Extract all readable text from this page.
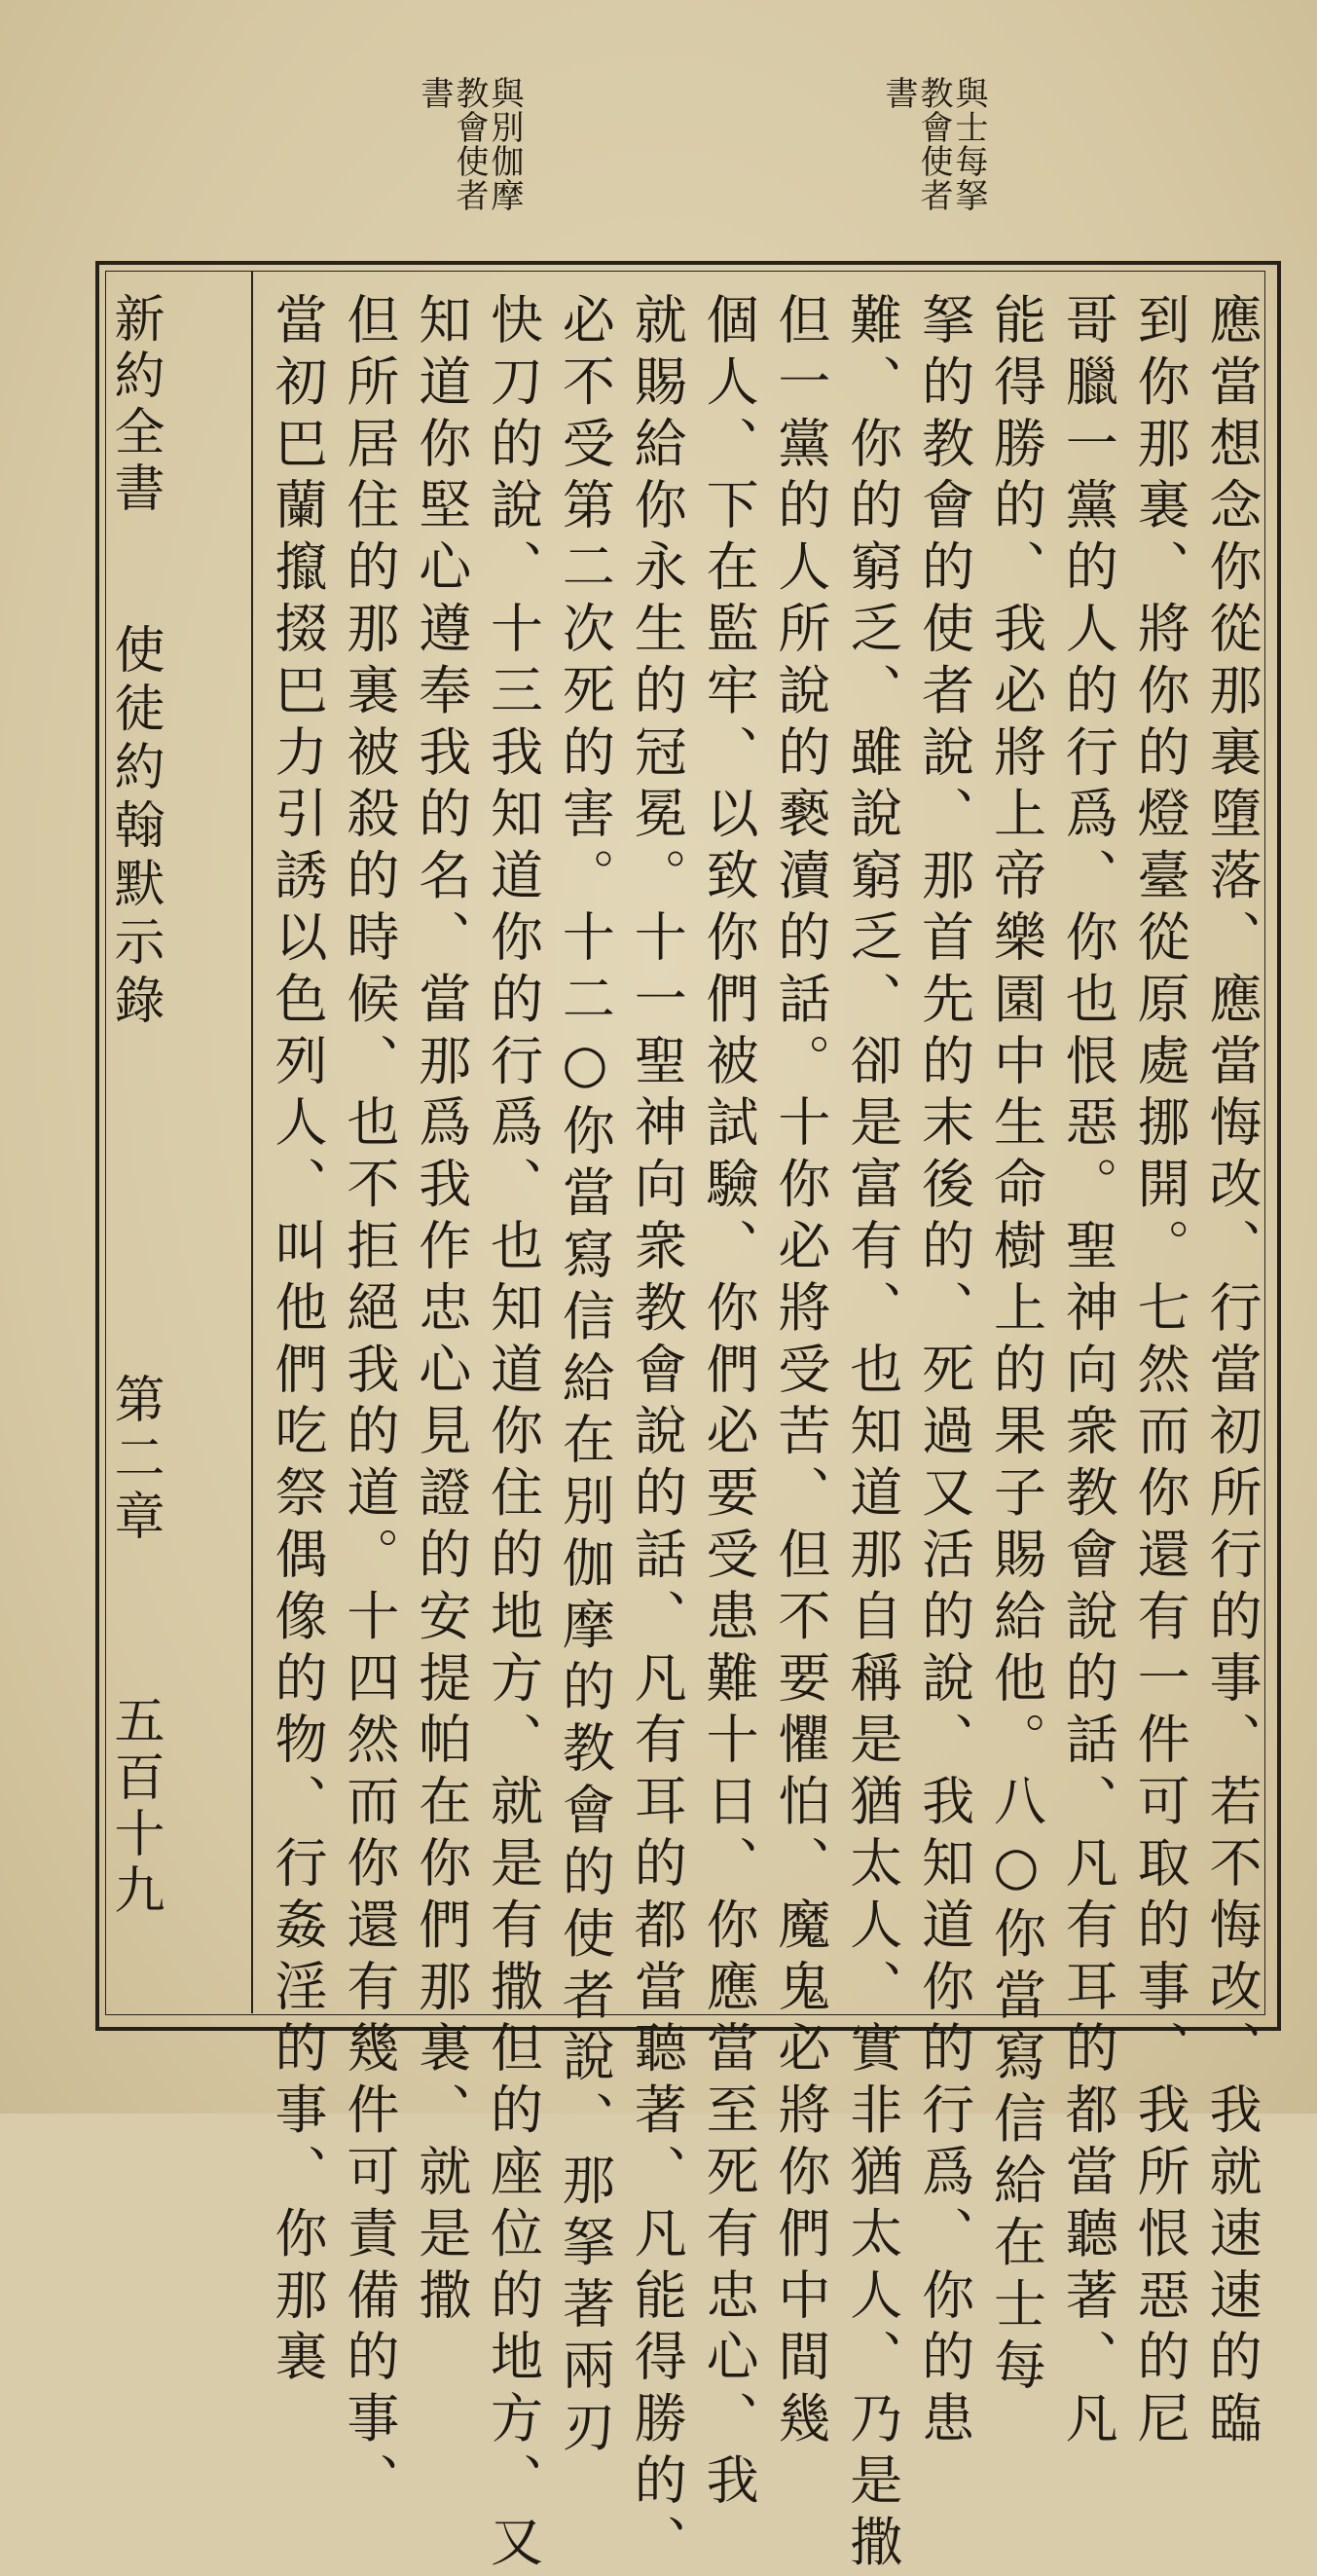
與士每拏
教會使者
書
與別伽摩
教會使者
書
應當想念你從那裏墮落、應當悔改、行當初所行的事、若不悔改、我就速速的臨
到你那裏、將你的燈臺從原處挪開。七然而你還有一件可取的事、我所恨惡的尼
哥臘一黨的人的行爲、你也恨惡。聖神向衆教會說的話、凡有耳的都當聽著、凡
能得勝的、我必將上帝樂園中生命樹上的果子賜給他。八○你當寫信給在士每
拏的教會的使者說、那首先的末後的、死過又活的說、我知道你的行爲、你的患
難、你的窮乏、雖說窮乏、卻是富有、也知道那自稱是猶太人、實非猶太人、乃是撒
但一黨的人所說的褻瀆的話。十你必將受苦、但不要懼怕、魔鬼必將你們中間幾
個人、下在監牢、以致你們被試驗、你們必要受患難十日、你應當至死有忠心、我
就賜給你永生的冠冕。十一聖神向衆教會說的話、凡有耳的都當聽著、凡能得勝的、
必不受第二次死的害。十二○你當寫信給在別伽摩的教會的使者說、那拏著兩刃
快刀的說、十三我知道你的行爲、也知道你住的地方、就是有撒但的座位的地方、又
知道你堅心遵奉我的名、當那爲我作忠心見證的安提帕在你們那裏、就是撒
但所居住的那裏被殺的時候、也不拒絕我的道。十四然而你還有幾件可責備的事、
當初巴蘭攛掇巴力引誘以色列人、叫他們吃祭偶像的物、行姦淫的事、你那裏
新約全書
使徒約翰默示錄
第二章
五百十九
